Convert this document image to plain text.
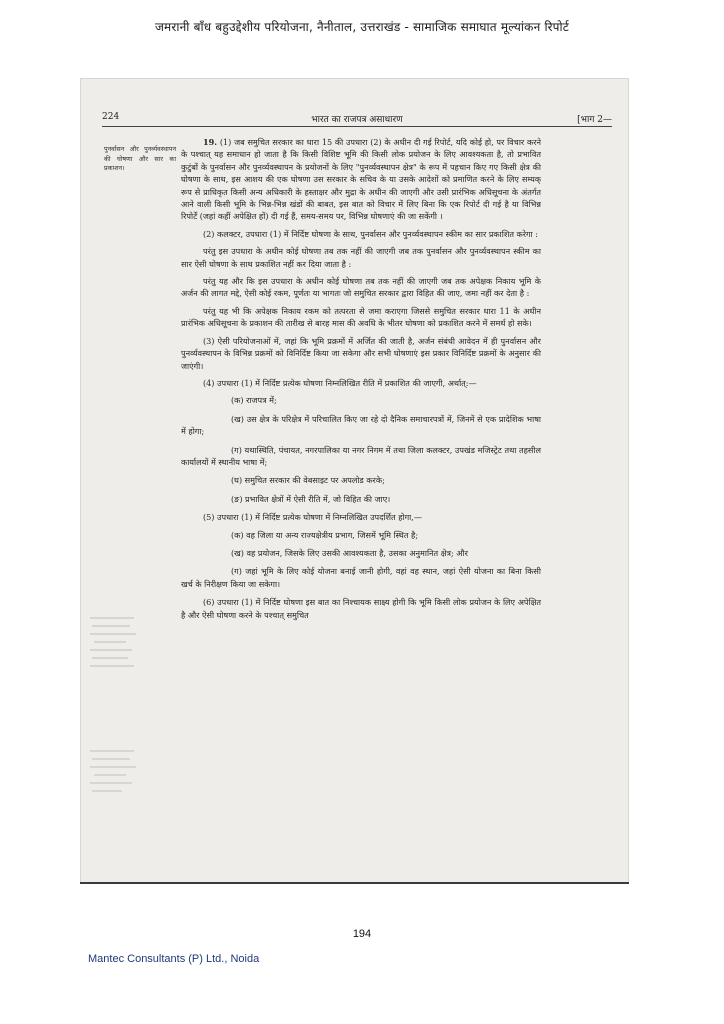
जमरानी बाँध बहुउद्देशीय परियोजना, नैनीताल, उत्तराखंड - सामाजिक समाघात मूल्यांकन रिपोर्ट
224	भारत का राजपत्र असाधारण	[भाग 2—
पुनर्वासन और पुनर्व्यवस्थापन की घोषणा और सार का प्रकाशन।

19. (1) जब समुचित सरकार का धारा 15 की उपधारा (2) के अधीन दी गई रिपोर्ट, यदि कोई हो, पर विचार करने के पश्चात् यह समाधान हो जाता है कि किसी विशिष्ट भूमि की किसी लोक प्रयोजन के लिए आवश्यकता है, तो प्रभावित कुटुंबों के पुनर्वासन और पुनर्व्यवस्थापन के प्रयोजनों के लिए "पुनर्व्यवस्थापन क्षेत्र" के रूप में पहचान किए गए किसी क्षेत्र की घोषणा के साथ, इस आशय की एक घोषणा उस सरकार के सचिव के या उसके आदेशों को प्रमाणित करने के लिए सम्यक् रूप से प्राधिकृत किसी अन्य अधिकारी के हस्ताक्षर और मुद्रा के अधीन की जाएगी और उसी प्रारंभिक अधिसूचना के अंतर्गत आने वाली किसी भूमि के भिन्न-भिन्न खंडों की बाबत, इस बात को विचार में लिए बिना कि एक रिपोर्ट दी गई है या विभिन्न रिपोर्टें (जहां कहीं अपेक्षित हों) दी गई हैं, समय-समय पर, विभिन्न घोषणाएं की जा सकेंगी ।

(2) कलक्टर, उपधारा (1) में निर्दिष्ट घोषणा के साथ, पुनर्वासन और पुनर्व्यवस्थापन स्कीम का सार प्रकाशित करेगा :

परंतु इस उपधारा के अधीन कोई घोषणा तब तक नहीं की जाएगी जब तक पुनर्वासन और पुनर्व्यवस्थापन स्कीम का सार ऐसी घोषणा के साथ प्रकाशित नहीं कर दिया जाता है :

परंतु यह और कि इस उपधारा के अधीन कोई घोषणा तब तक नहीं की जाएगी जब तक अपेक्षक निकाय भूमि के अर्जन की लागत मद्दे, ऐसी कोई रकम, पूर्णतः या भागतः जो समुचित सरकार द्वारा विहित की जाए, जमा नहीं कर देता है :

परंतु यह भी कि अपेक्षक निकाय रकम को तत्परता से जमा कराएगा जिससे समुचित सरकार धारा 11 के अधीन प्रारंभिक अधिसूचना के प्रकाशन की तारीख से बारह मास की अवधि के भीतर घोषणा को प्रकाशित करने में समर्थ हो सके।

(3) ऐसी परियोजनाओं में, जहां कि भूमि प्रक्रमों में अर्जित की जाती है, अर्जन संबंधी आवेदन में ही पुनर्वासन और पुनर्व्यवस्थापन के विभिन्न प्रक्रमों को विनिर्दिष्ट किया जा सकेगा और सभी घोषणाएं इस प्रकार विनिर्दिष्ट प्रक्रमों के अनुसार की जाएंगी।

(4) उपधारा (1) में निर्दिष्ट प्रत्येक घोषणा निम्नलिखित रीति में प्रकाशित की जाएगी, अर्थात्:—

(क) राजपत्र में;

(ख) उस क्षेत्र के परिक्षेत्र में परिचालित किए जा रहे दो दैनिक समाचारपत्रों में, जिनमें से एक प्रादेशिक भाषा में होगा;

(ग) यथास्थिति, पंचायत, नगरपालिका या नगर निगम में तथा जिला कलक्टर, उपखंड मजिस्ट्रेट तथा तहसील कार्यालयों में स्थानीय भाषा में;

(घ) समुचित सरकार की वेबसाइट पर अपलोड करके;

(ङ) प्रभावित क्षेत्रों में ऐसी रीति में, जो विहित की जाए।

(5) उपधारा (1) में निर्दिष्ट प्रत्येक घोषणा में निम्नलिखित उपदर्शित होगा,—

(क) वह जिला या अन्य राज्यक्षेत्रीय प्रभाग, जिसमें भूमि स्थित है;

(ख) वह प्रयोजन, जिसके लिए उसकी आवश्यकता है, उसका अनुमानित क्षेत्र; और

(ग) जहां भूमि के लिए कोई योजना बनाई जानी होगी, वहां वह स्थान, जहां ऐसी योजना का बिना किसी खर्च के निरीक्षण किया जा सकेगा।

(6) उपधारा (1) में निर्दिष्ट घोषणा इस बात का निश्चायक साक्ष्य होगी कि भूमि किसी लोक प्रयोजन के लिए अपेक्षित है और ऐसी घोषणा करने के पश्चात् समुचित

194
Mantec Consultants (P) Ltd., Noida
